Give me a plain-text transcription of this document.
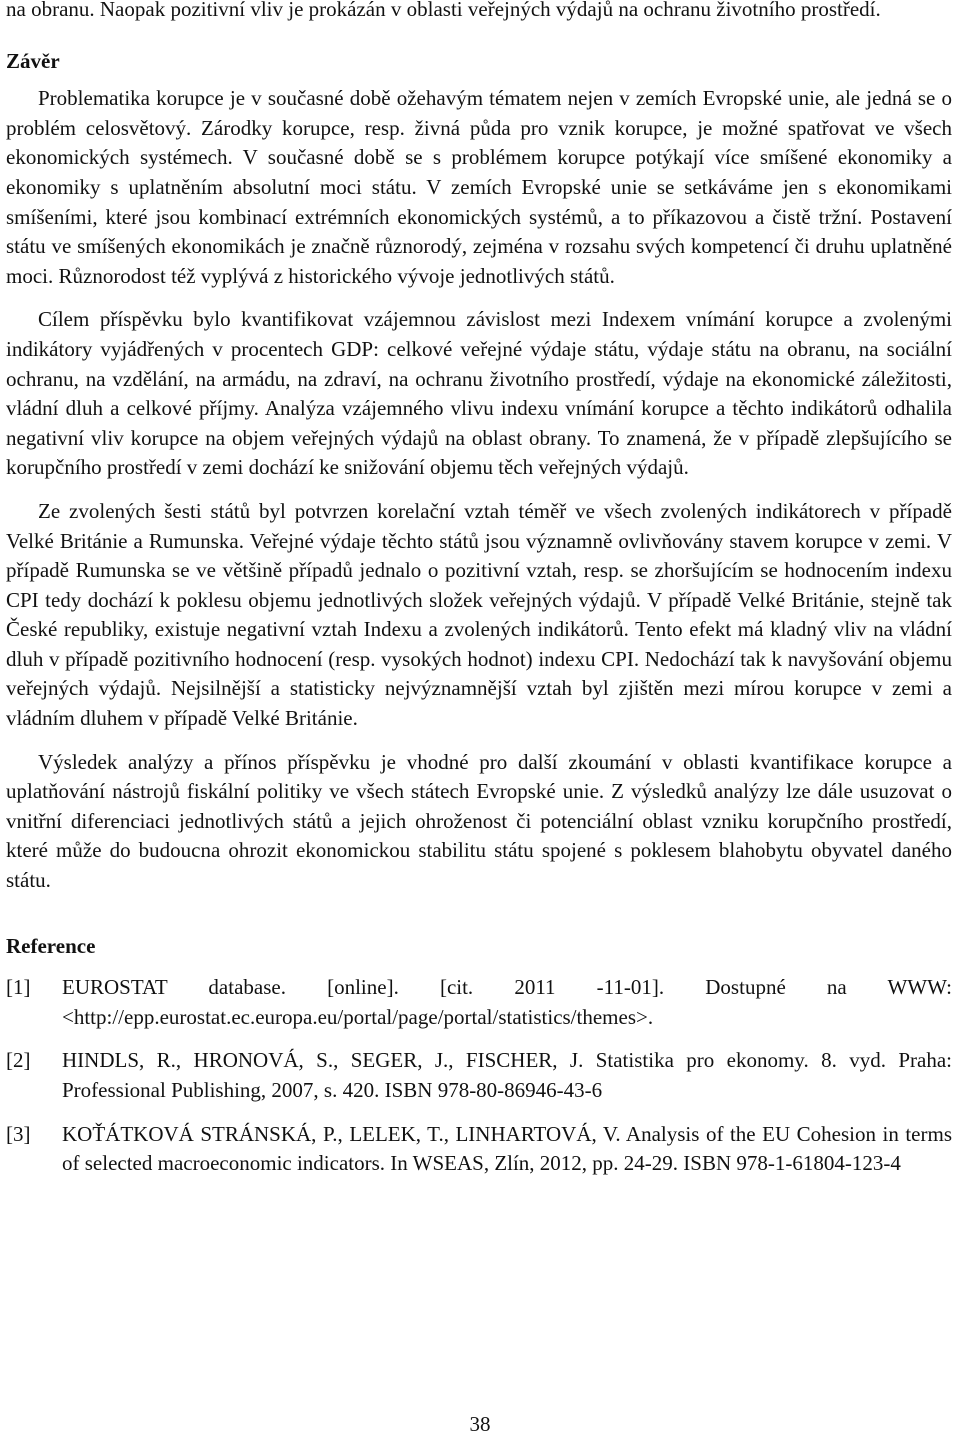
na obranu. Naopak pozitivní vliv je prokázán v oblasti veřejných výdajů na ochranu životního prostředí.

Závěr

Problematika korupce je v současné době ožehavým tématem nejen v zemích Evropské unie, ale jedná se o problém celosvětový. Zárodky korupce, resp. živná půda pro vznik korupce, je možné spatřovat ve všech ekonomických systémech. V současné době se s problémem korupce potýkají více smíšené ekonomiky a ekonomiky s uplatněním absolutní moci státu. V zemích Evropské unie se setkáváme jen s ekonomikami smíšeními, které jsou kombinací extrémních ekonomických systémů, a to příkazovou a čistě tržní. Postavení státu ve smíšených ekonomikách je značně různorodý, zejména v rozsahu svých kompetencí či druhu uplatněné moci. Různorodost též vyplývá z historického vývoje jednotlivých států.

Cílem příspěvku bylo kvantifikovat vzájemnou závislost mezi Indexem vnímání korupce a zvolenými indikátory vyjádřených v procentech GDP: celkové veřejné výdaje státu, výdaje státu na obranu, na sociální ochranu, na vzdělání, na armádu, na zdraví, na ochranu životního prostředí, výdaje na ekonomické záležitosti, vládní dluh a celkové příjmy. Analýza vzájemného vlivu indexu vnímání korupce a těchto indikátorů odhalila negativní vliv korupce na objem veřejných výdajů na oblast obrany. To znamená, že v případě zlepšujícího se korupčního prostředí v zemi dochází ke snižování objemu těch veřejných výdajů.

Ze zvolených šesti států byl potvrzen korelační vztah téměř ve všech zvolených indikátorech v případě Velké Británie a Rumunska. Veřejné výdaje těchto států jsou významně ovlivňovány stavem korupce v zemi. V případě Rumunska se ve většině případů jednalo o pozitivní vztah, resp. se zhoršujícím se hodnocením indexu CPI tedy dochází k poklesu objemu jednotlivých složek veřejných výdajů. V případě Velké Británie, stejně tak České republiky, existuje negativní vztah Indexu a zvolených indikátorů. Tento efekt má kladný vliv na vládní dluh v případě pozitivního hodnocení (resp. vysokých hodnot) indexu CPI. Nedochází tak k navyšování objemu veřejných výdajů. Nejsilnější a statisticky nejvýznamnější vztah byl zjištěn mezi mírou korupce v zemi a vládním dluhem v případě Velké Británie.

Výsledek analýzy a přínos příspěvku je vhodné pro další zkoumání v oblasti kvantifikace korupce a uplatňování nástrojů fiskální politiky ve všech státech Evropské unie. Z výsledků analýzy lze dále usuzovat o vnitřní diferenciaci jednotlivých států a jejich ohroženost či potenciální oblast vzniku korupčního prostředí, které může do budoucna ohrozit ekonomickou stabilitu státu spojené s poklesem blahobytu obyvatel daného státu.

Reference
[1]	EUROSTAT database. [online]. [cit. 2011 -11-01]. Dostupné na WWW: <http://epp.eurostat.ec.europa.eu/portal/page/portal/statistics/themes>.
[2]	HINDLS, R., HRONOVÁ, S., SEGER, J., FISCHER, J. Statistika pro ekonomy. 8. vyd. Praha: Professional Publishing, 2007, s. 420. ISBN 978-80-86946-43-6
[3]	KOŤÁTKOVÁ STRÁNSKÁ, P., LELEK, T., LINHARTOVÁ, V. Analysis of the EU Cohesion in terms of selected macroeconomic indicators. In WSEAS, Zlín, 2012, pp. 24-29. ISBN 978-1-61804-123-4
38
